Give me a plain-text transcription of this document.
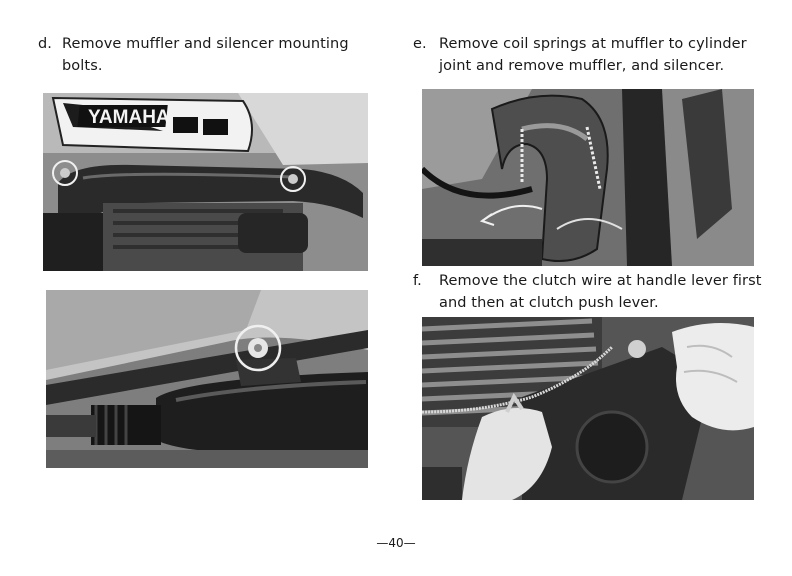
d. Remove muffler and silencer mounting bolts.
e. Remove coil springs at muffler to cylinder joint and remove muffler, and silencer.
f. Remove the clutch wire at handle lever first and then at clutch push lever.
YAMAHA
—40—
